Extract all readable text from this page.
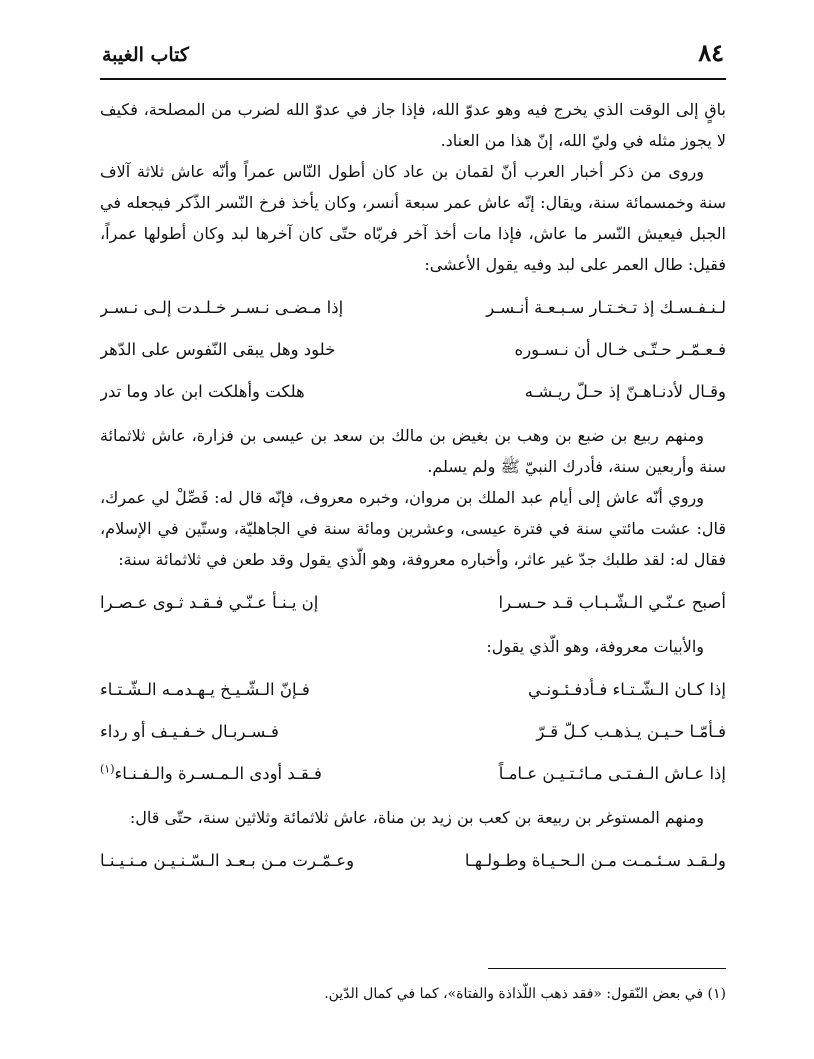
٨٤
كتاب الغيبة

باقٍ إلى الوقت الذي يخرج فيه وهو عدوّ الله، فإذا جاز في عدوّ الله لضرب من المصلحة، فكيف لا يجوز مثله في وليّ الله، إنّ هذا من العناد.

وروى من ذكر أخبار العرب أنّ لقمان بن عاد كان أطول النّاس عمراً وأنّه عاش ثلاثة آلاف سنة وخمسمائة سنة، ويقال: إنّه عاش عمر سبعة أنسر، وكان يأخذ فرخ النّسر الذّكر فيجعله في الجبل فيعيش النّسر ما عاش، فإذا مات أخذ آخر فربّاه حتّى كان آخرها لبد وكان أطولها عمراً، فقيل: طال العمر على لبد وفيه يقول الأعشى:

لـنـفـسـك إذ تـخـتـار سـبـعـة أنـسـر
إذا مـضـى نـسـر خـلـدت إلـى نـسـر
فـعـمّـر حـتّـى خـال أن نـسـوره
خلود وهل يبقى النّفوس على الدّهر
وقـال لأدنـاهـنّ إذ حـلّ ريـشـه
هلكت وأهلكت ابن عاد وما تدر

ومنهم ربيع بن ضبع بن وهب بن بغيض بن مالك بن سعد بن عيسى بن فزارة، عاش ثلاثمائة سنة وأربعين سنة، فأدرك النبيّ ﷺ ولم يسلم.

وروي أنّه عاش إلى أيام عبد الملك بن مروان، وخبره معروف، فإنّه قال له: فَصِّلْ لي عمرك، قال: عشت مائتي سنة في فترة عيسى، وعشرين ومائة سنة في الجاهليّة، وستّين في الإسلام، فقال له: لقد طلبك جدّ غير عاثر، وأخباره معروفة، وهو الّذي يقول وقد طعن في ثلاثمائة سنة:

أصبح عـنّـي الـشّـبـاب قـد حـسـرا
إن يـنـأ عـنّـي فـقـد ثـوى عـصـرا

والأبيات معروفة، وهو الّذي يقول:

إذا كـان الـشّـتـاء فـأدفـئـونـي
فـإنّ الـشّـيـخ يـهـدمـه الـشّـتـاء
فـأمّـا حـيـن يـذهـب كـلّ قـرّ
فـسـربـال خـفـيـف أو رداء
إذا عـاش الـفـتـى مـائـتـيـن عـامـاً
فـقـد أودى الـمـسـرة والـفـنـاء$^{(١)}$

ومنهم المستوغر بن ربيعة بن كعب بن زيد بن مناة، عاش ثلاثمائة وثلاثين سنة، حتّى قال:

ولـقـد سـئـمـت مـن الـحـيـاة وطـولـهـا
وعـمّـرت مـن بـعـد الـسّـنـيـن مـنـيـنـا
(١) في بعض النّقول: «فقد ذهب اللّذاذة والفتاة»، كما في كمال الدّين.
